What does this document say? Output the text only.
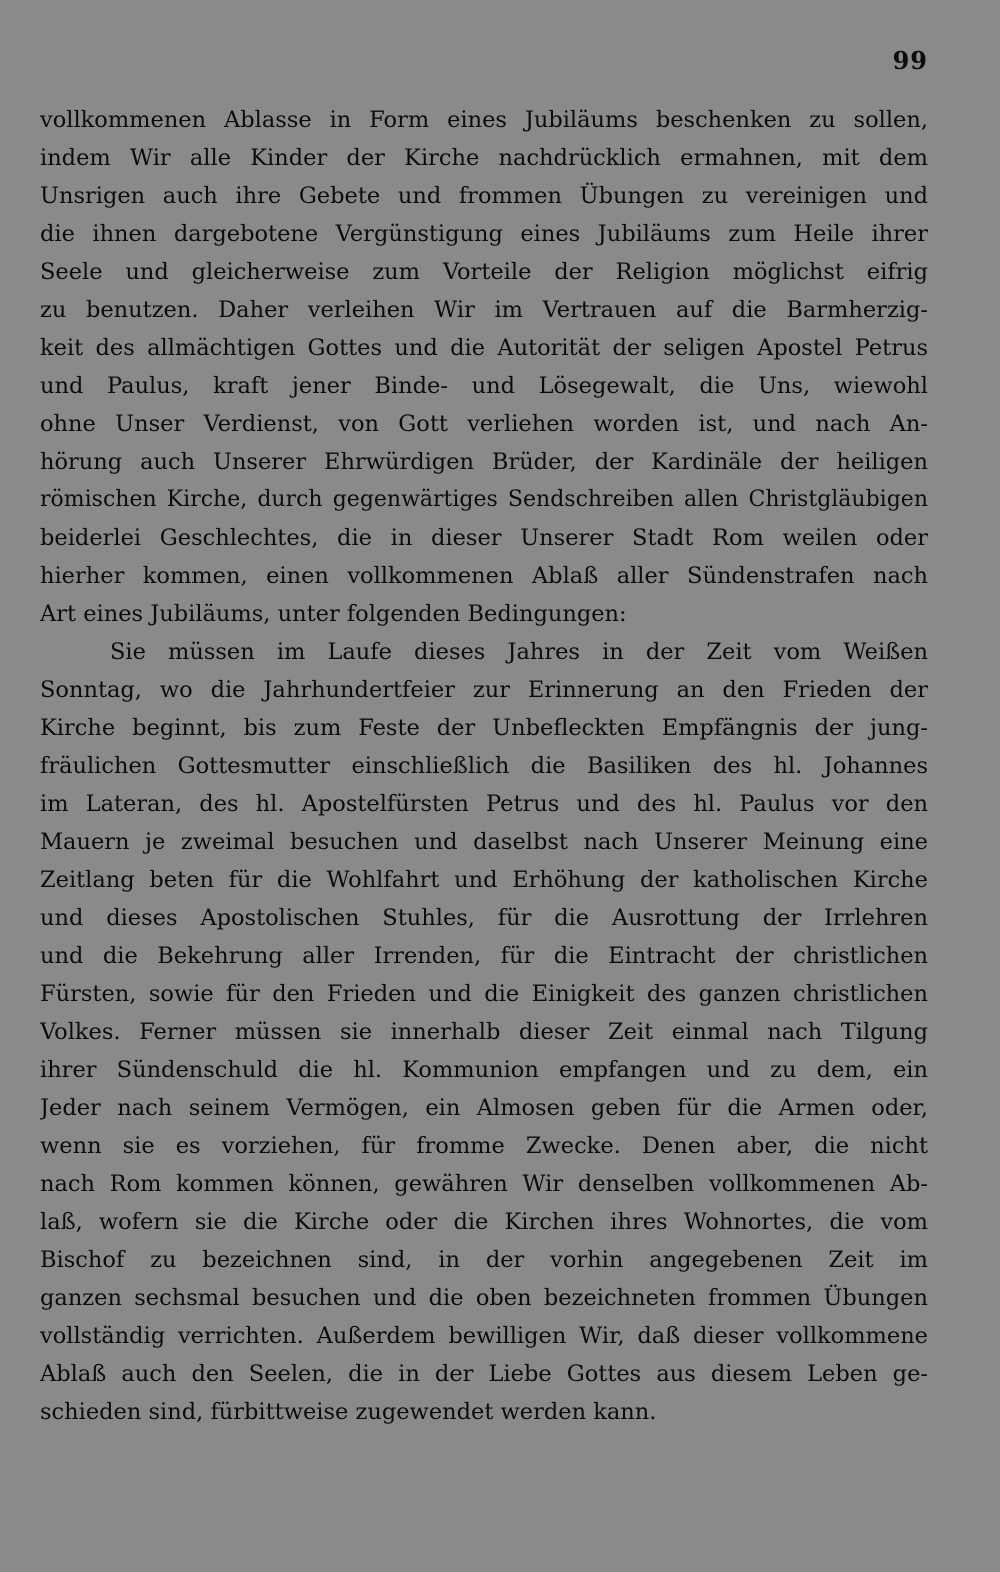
99
vollkommenen Ablasse in Form eines Jubiläums beschenken zu sollen,
indem Wir alle Kinder der Kirche nachdrücklich ermahnen, mit dem
Unsrigen auch ihre Gebete und frommen Übungen zu vereinigen und
die ihnen dargebotene Vergünstigung eines Jubiläums zum Heile ihrer
Seele und gleicherweise zum Vorteile der Religion möglichst eifrig
zu benutzen. Daher verleihen Wir im Vertrauen auf die Barmherzig-
keit des allmächtigen Gottes und die Autorität der seligen Apostel Petrus
und Paulus, kraft jener Binde- und Lösegewalt, die Uns, wiewohl
ohne Unser Verdienst, von Gott verliehen worden ist, und nach An-
hörung auch Unserer Ehrwürdigen Brüder, der Kardinäle der heiligen
römischen Kirche, durch gegenwärtiges Sendschreiben allen Christgläubigen
beiderlei Geschlechtes, die in dieser Unserer Stadt Rom weilen oder
hierher kommen, einen vollkommenen Ablaß aller Sündenstrafen nach
Art eines Jubiläums, unter folgenden Bedingungen:
Sie müssen im Laufe dieses Jahres in der Zeit vom Weißen
Sonntag, wo die Jahrhundertfeier zur Erinnerung an den Frieden der
Kirche beginnt, bis zum Feste der Unbefleckten Empfängnis der jung-
fräulichen Gottesmutter einschließlich die Basiliken des hl. Johannes
im Lateran, des hl. Apostelfürsten Petrus und des hl. Paulus vor den
Mauern je zweimal besuchen und daselbst nach Unserer Meinung eine
Zeitlang beten für die Wohlfahrt und Erhöhung der katholischen Kirche
und dieses Apostolischen Stuhles, für die Ausrottung der Irrlehren
und die Bekehrung aller Irrenden, für die Eintracht der christlichen
Fürsten, sowie für den Frieden und die Einigkeit des ganzen christlichen
Volkes. Ferner müssen sie innerhalb dieser Zeit einmal nach Tilgung
ihrer Sündenschuld die hl. Kommunion empfangen und zu dem, ein
Jeder nach seinem Vermögen, ein Almosen geben für die Armen oder,
wenn sie es vorziehen, für fromme Zwecke. Denen aber, die nicht
nach Rom kommen können, gewähren Wir denselben vollkommenen Ab-
laß, wofern sie die Kirche oder die Kirchen ihres Wohnortes, die vom
Bischof zu bezeichnen sind, in der vorhin angegebenen Zeit im
ganzen sechsmal besuchen und die oben bezeichneten frommen Übungen
vollständig verrichten. Außerdem bewilligen Wir, daß dieser vollkommene
Ablaß auch den Seelen, die in der Liebe Gottes aus diesem Leben ge-
schieden sind, fürbittweise zugewendet werden kann.
